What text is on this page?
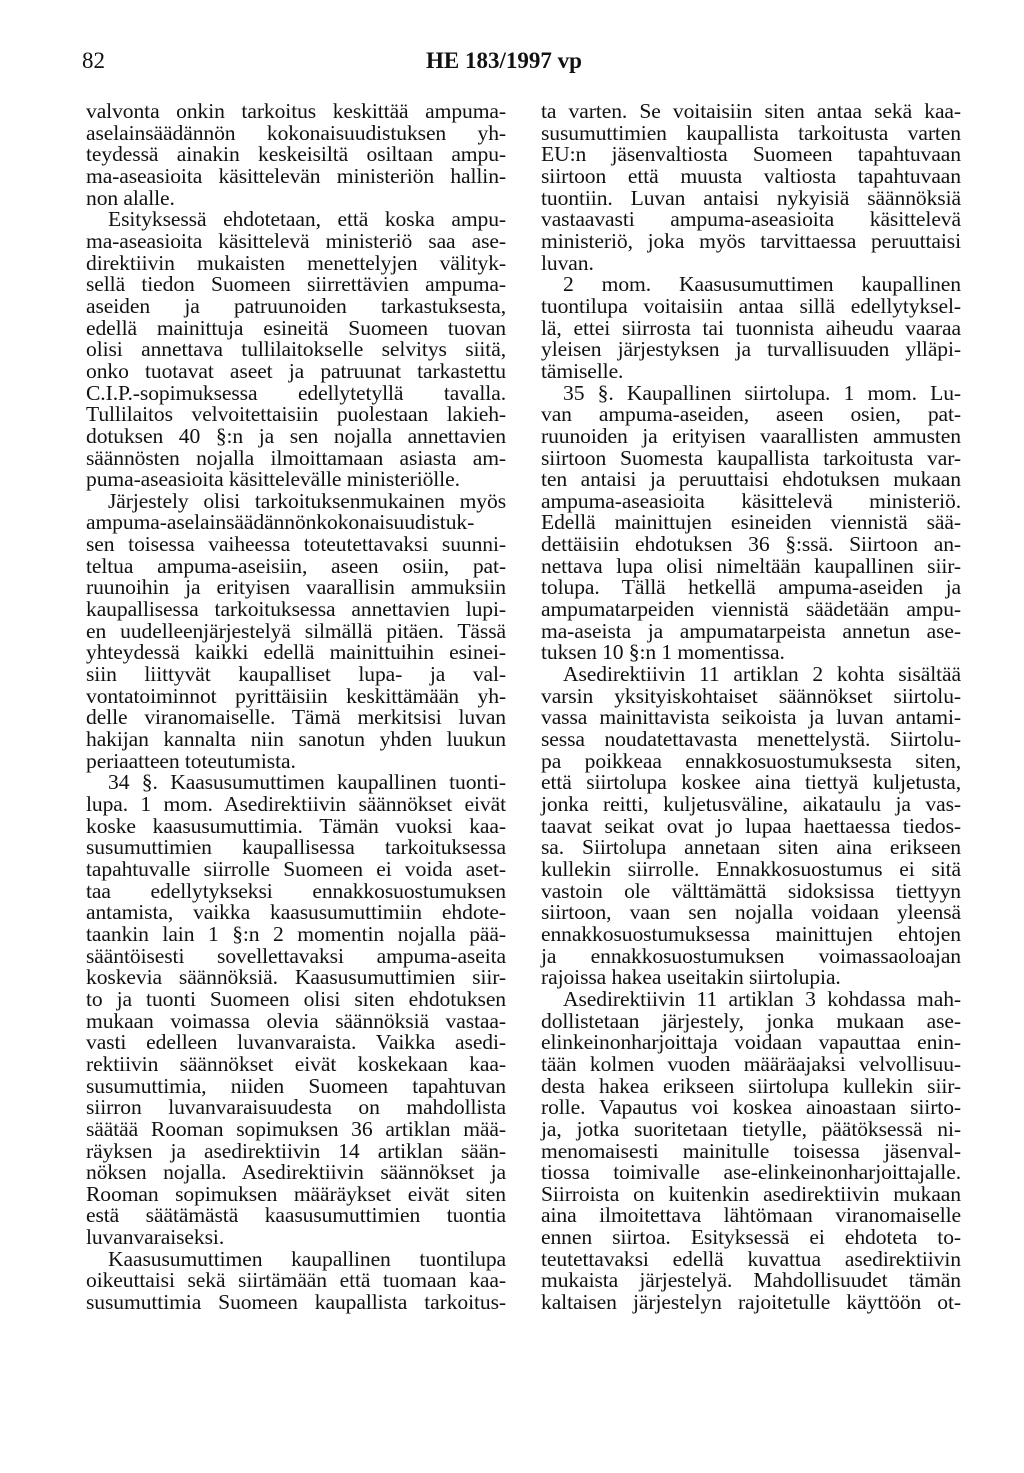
82	HE 183/1997 vp
valvonta onkin tarkoitus keskittää ampuma-
aselainsäädännön kokonaisuudistuksen yh-
teydessä ainakin keskeisiltä osiltaan ampu-
ma-aseasioita käsittelevän ministeriön hallin-
non alalle.
Esityksessä ehdotetaan, että koska ampu-
ma-aseasioita käsittelevä ministeriö saa ase-
direktiivin mukaisten menettelyjen välityk-
sellä tiedon Suomeen siirrettävien ampuma-
aseiden ja patruunoiden tarkastuksesta,
edellä mainittuja esineitä Suomeen tuovan
olisi annettava tullilaitokselle selvitys siitä,
onko tuotavat aseet ja patruunat tarkastettu
C.I.P.-sopimuksessa edellytetyllä tavalla.
Tullilaitos velvoitettaisiin puolestaan lakieh-
dotuksen 40 §:n ja sen nojalla annettavien
säännösten nojalla ilmoittamaan asiasta am-
puma-aseasioita käsittelevälle ministeriölle.
Järjestely olisi tarkoituksenmukainen myös
ampuma-aselainsäädännönkokonaisuudistuk-
sen toisessa vaiheessa toteutettavaksi suunni-
teltua ampuma-aseisiin, aseen osiin, pat-
ruunoihin ja erityisen vaarallisin ammuksiin
kaupallisessa tarkoituksessa annettavien lupi-
en uudelleenjärjestelyä silmällä pitäen. Tässä
yhteydessä kaikki edellä mainittuihin esinei-
siin liittyvät kaupalliset lupa- ja val-
vontatoiminnot pyrittäisiin keskittämään yh-
delle viranomaiselle. Tämä merkitsisi luvan
hakijan kannalta niin sanotun yhden luukun
periaatteen toteutumista.
34 §. Kaasusumuttimen kaupallinen tuonti-
lupa. 1 mom. Asedirektiivin säännökset eivät
koske kaasusumuttimia. Tämän vuoksi kaa-
susumuttimien kaupallisessa tarkoituksessa
tapahtuvalle siirrolle Suomeen ei voida aset-
taa edellytykseksi ennakkosuostumuksen
antamista, vaikka kaasusumuttimiin ehdote-
taankin lain 1 §:n 2 momentin nojalla pää-
sääntöisesti sovellettavaksi ampuma-aseita
koskevia säännöksiä. Kaasusumuttimien siir-
to ja tuonti Suomeen olisi siten ehdotuksen
mukaan voimassa olevia säännöksiä vastaa-
vasti edelleen luvanvaraista. Vaikka asedi-
rektiivin säännökset eivät koskekaan kaa-
susumuttimia, niiden Suomeen tapahtuvan
siirron luvanvaraisuudesta on mahdollista
säätää Rooman sopimuksen 36 artiklan mää-
räyksen ja asedirektiivin 14 artiklan sään-
nöksen nojalla. Asedirektiivin säännökset ja
Rooman sopimuksen määräykset eivät siten
estä säätämästä kaasusumuttimien tuontia
luvanvaraiseksi.
Kaasusumuttimen kaupallinen tuontilupa
oikeuttaisi sekä siirtämään että tuomaan kaa-
susumuttimia Suomeen kaupallista tarkoitus-
ta varten. Se voitaisiin siten antaa sekä kaa-
susumuttimien kaupallista tarkoitusta varten
EU:n jäsenvaltiosta Suomeen tapahtuvaan
siirtoon että muusta valtiosta tapahtuvaan
tuontiin. Luvan antaisi nykyisiä säännöksiä
vastaavasti ampuma-aseasioita käsittelevä
ministeriö, joka myös tarvittaessa peruuttaisi
luvan.
2 mom. Kaasusumuttimen kaupallinen
tuontilupa voitaisiin antaa sillä edellytyksel-
lä, ettei siirrosta tai tuonnista aiheudu vaaraa
yleisen järjestyksen ja turvallisuuden ylläpi-
tämiselle.
35 §. Kaupallinen siirtolupa. 1 mom. Lu-
van ampuma-aseiden, aseen osien, pat-
ruunoiden ja erityisen vaarallisten ammusten
siirtoon Suomesta kaupallista tarkoitusta var-
ten antaisi ja peruuttaisi ehdotuksen mukaan
ampuma-aseasioita käsittelevä ministeriö.
Edellä mainittujen esineiden viennistä sää-
dettäisiin ehdotuksen 36 §:ssä. Siirtoon an-
nettava lupa olisi nimeltään kaupallinen siir-
tolupa. Tällä hetkellä ampuma-aseiden ja
ampumatarpeiden viennistä säädetään ampu-
ma-aseista ja ampumatarpeista annetun ase-
tuksen 10 §:n 1 momentissa.
Asedirektiivin 11 artiklan 2 kohta sisältää
varsin yksityiskohtaiset säännökset siirtolu-
vassa mainittavista seikoista ja luvan antami-
sessa noudatettavasta menettelystä. Siirtolu-
pa poikkeaa ennakkosuostumuksesta siten,
että siirtolupa koskee aina tiettyä kuljetusta,
jonka reitti, kuljetusväline, aikataulu ja vas-
taavat seikat ovat jo lupaa haettaessa tiedos-
sa. Siirtolupa annetaan siten aina erikseen
kullekin siirrolle. Ennakkosuostumus ei sitä
vastoin ole välttämättä sidoksissa tiettyyn
siirtoon, vaan sen nojalla voidaan yleensä
ennakkosuostumuksessa mainittujen ehtojen
ja ennakkosuostumuksen voimassaoloajan
rajoissa hakea useitakin siirtolupia.
Asedirektiivin 11 artiklan 3 kohdassa mah-
dollistetaan järjestely, jonka mukaan ase-
elinkeinonharjoittaja voidaan vapauttaa enin-
tään kolmen vuoden määräajaksi velvollisuu-
desta hakea erikseen siirtolupa kullekin siir-
rolle. Vapautus voi koskea ainoastaan siirto-
ja, jotka suoritetaan tietylle, päätöksessä ni-
menomaisesti mainitulle toisessa jäsenval-
tiossa toimivalle ase-elinkeinonharjoittajalle.
Siirroista on kuitenkin asedirektiivin mukaan
aina ilmoitettava lähtömaan viranomaiselle
ennen siirtoa. Esityksessä ei ehdoteta to-
teutettavaksi edellä kuvattua asedirektiivin
mukaista järjestelyä. Mahdollisuudet tämän
kaltaisen järjestelyn rajoitetulle käyttöön ot-
